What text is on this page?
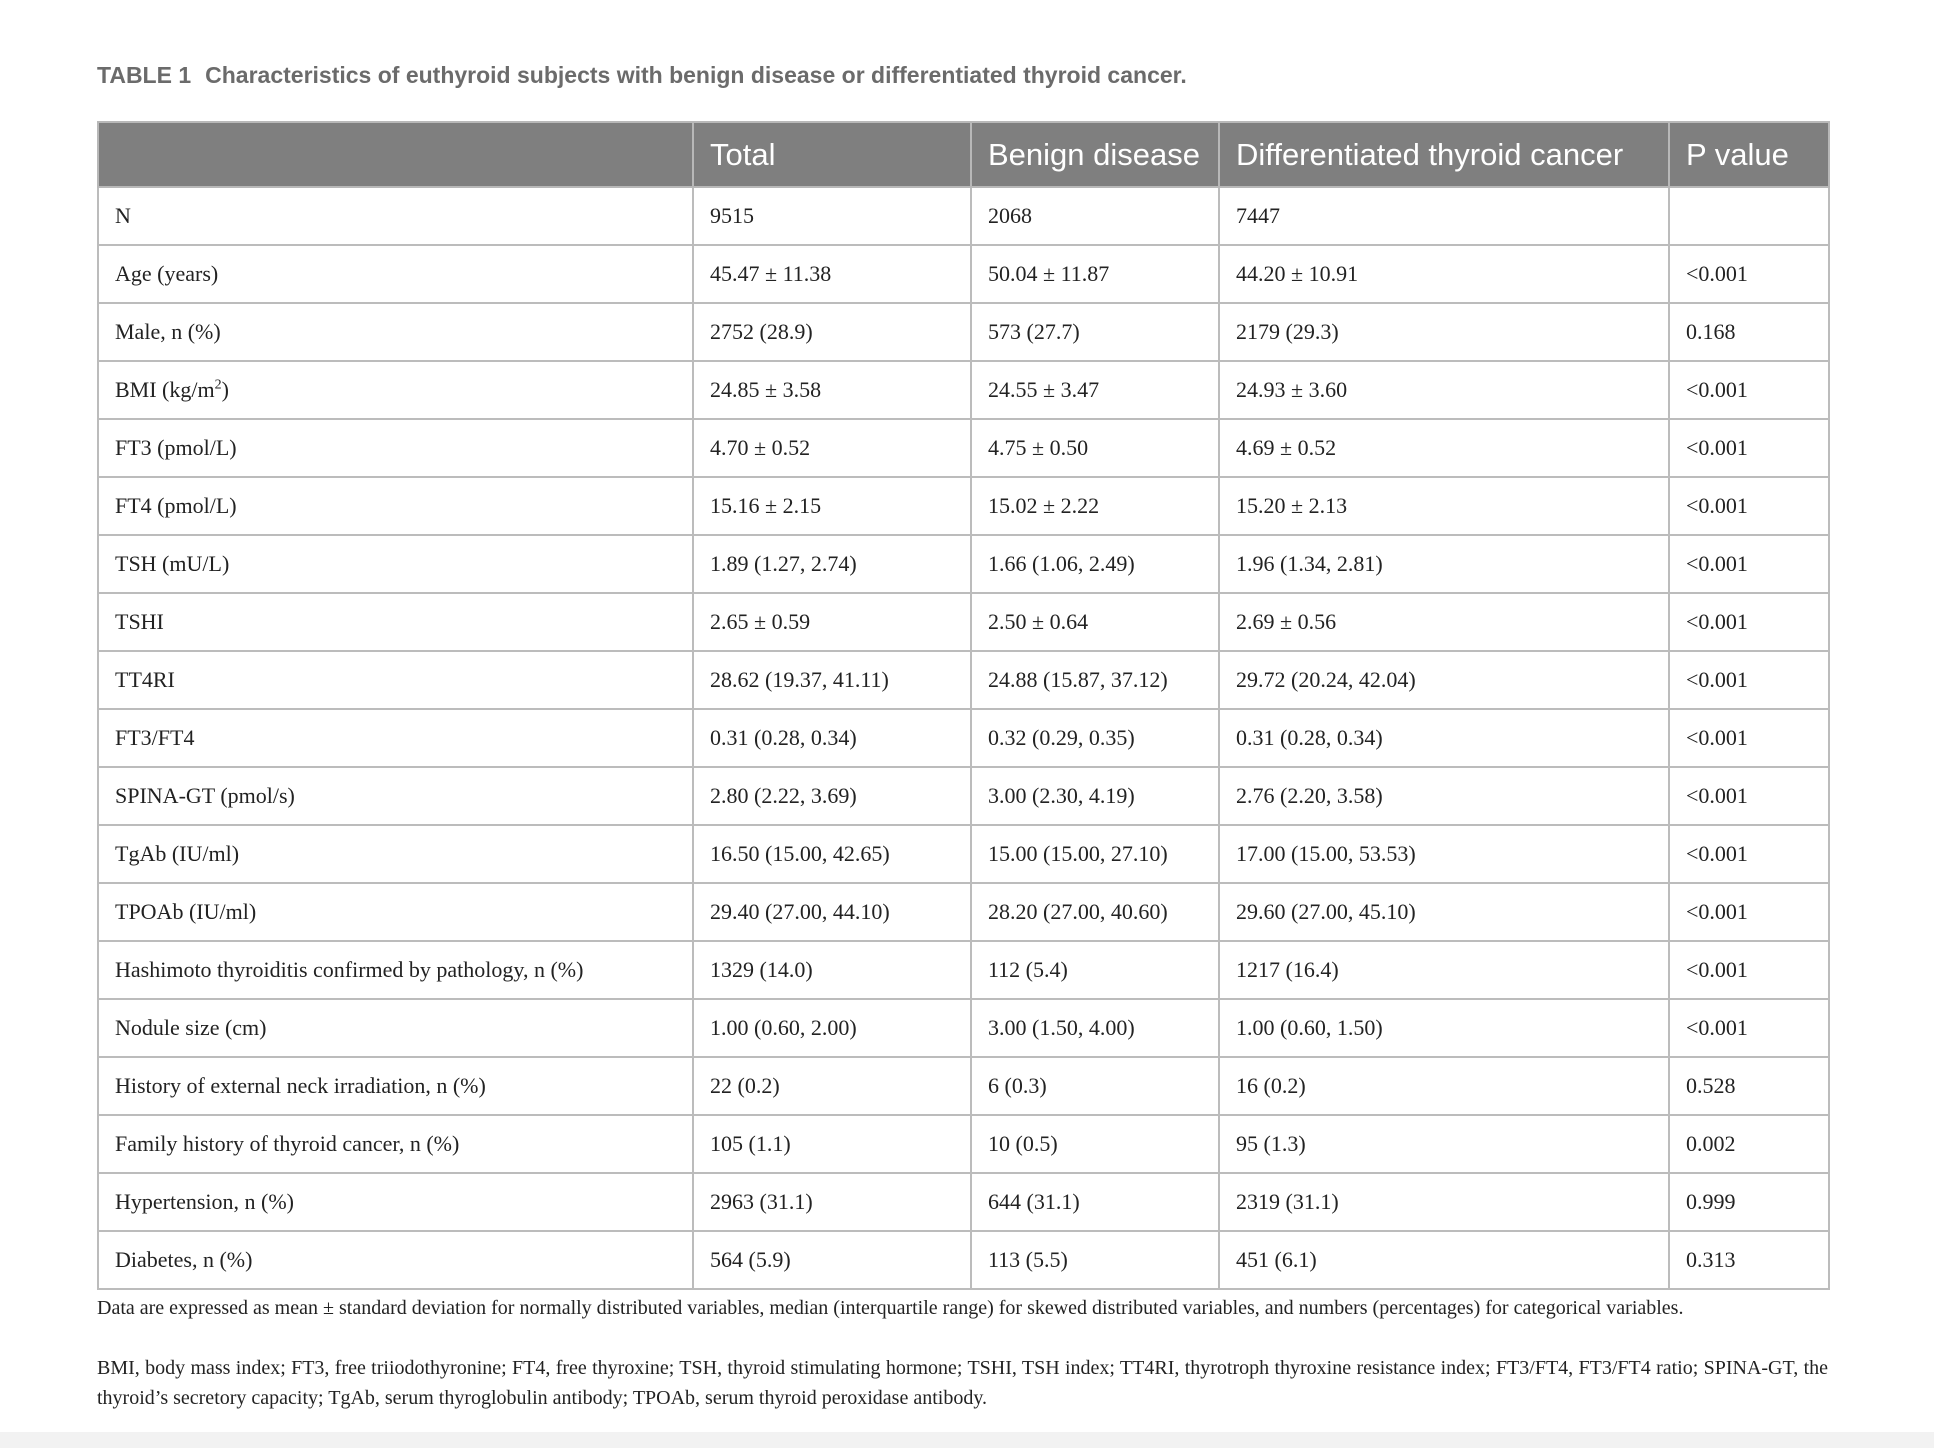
TABLE 1 Characteristics of euthyroid subjects with benign disease or differentiated thyroid cancer.
	Total	Benign disease	Differentiated thyroid cancer	P value
N	9515	2068	7447	
Age (years)	45.47 ± 11.38	50.04 ± 11.87	44.20 ± 10.91	<0.001
Male, n (%)	2752 (28.9)	573 (27.7)	2179 (29.3)	0.168
BMI $(kg/m^2)$	24.85 ± 3.58	24.55 ± 3.47	24.93 ± 3.60	<0.001
FT3 (pmol/L)	4.70 ± 0.52	4.75 ± 0.50	4.69 ± 0.52	<0.001
FT4 (pmol/L)	15.16 ± 2.15	15.02 ± 2.22	15.20 ± 2.13	<0.001
TSH (mU/L)	1.89 (1.27, 2.74)	1.66 (1.06, 2.49)	1.96 (1.34, 2.81)	<0.001
TSHI	2.65 ± 0.59	2.50 ± 0.64	2.69 ± 0.56	<0.001
TT4RI	28.62 (19.37, 41.11)	24.88 (15.87, 37.12)	29.72 (20.24, 42.04)	<0.001
FT3/FT4	0.31 (0.28, 0.34)	0.32 (0.29, 0.35)	0.31 (0.28, 0.34)	<0.001
SPINA-GT (pmol/s)	2.80 (2.22, 3.69)	3.00 (2.30, 4.19)	2.76 (2.20, 3.58)	<0.001
TgAb (IU/ml)	16.50 (15.00, 42.65)	15.00 (15.00, 27.10)	17.00 (15.00, 53.53)	<0.001
TPOAb (IU/ml)	29.40 (27.00, 44.10)	28.20 (27.00, 40.60)	29.60 (27.00, 45.10)	<0.001
Hashimoto thyroiditis confirmed by pathology, n (%)	1329 (14.0)	112 (5.4)	1217 (16.4)	<0.001
Nodule size (cm)	1.00 (0.60, 2.00)	3.00 (1.50, 4.00)	1.00 (0.60, 1.50)	<0.001
History of external neck irradiation, n (%)	22 (0.2)	6 (0.3)	16 (0.2)	0.528
Family history of thyroid cancer, n (%)	105 (1.1)	10 (0.5)	95 (1.3)	0.002
Hypertension, n (%)	2963 (31.1)	644 (31.1)	2319 (31.1)	0.999
Diabetes, n (%)	564 (5.9)	113 (5.5)	451 (6.1)	0.313
Data are expressed as mean ± standard deviation for normally distributed variables, median (interquartile range) for skewed distributed variables, and numbers (percentages) for categorical variables.
BMI, body mass index; FT3, free triiodothyronine; FT4, free thyroxine; TSH, thyroid stimulating hormone; TSHI, TSH index; TT4RI, thyrotroph thyroxine resistance index; FT3/FT4, FT3/FT4 ratio; SPINA-GT, the thyroid’s secretory capacity; TgAb, serum thyroglobulin antibody; TPOAb, serum thyroid peroxidase antibody.
